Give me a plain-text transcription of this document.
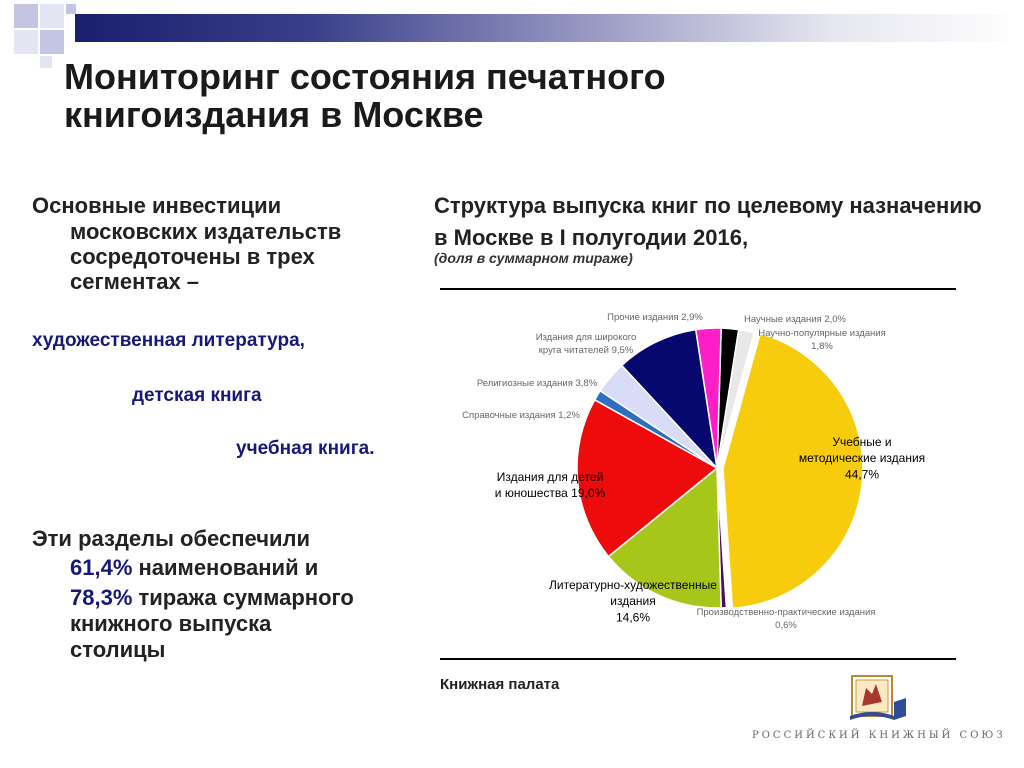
Мониторинг состояния печатного книгоиздания в Москве
Основные инвестиции
московских издательств
сосредоточены в трех
сегментах –
художественная литература,
детская книга
учебная книга.
Эти разделы обеспечили
61,4% наименований и
78,3% тиража суммарного
книжного выпуска
столицы
Структура выпуска книг по целевому назначению в Москве в I полугодии 2016,
(доля в суммарном тираже)
Книжная палата
Научные издания 2,0%
Научно-популярные издания 1,8%
Учебные и методические издания 44,7%
Производственно-практические издания 0,6%
Литературно-художественные издания 14,6%
Издания для детей и юношества 19,0%
Справочные издания 1,2%
Религиозные издания 3,8%
Издания для широкого круга читателей 9,5%
Прочие издания 2,9%
РОССИЙСКИЙ КНИЖНЫЙ СОЮЗ
